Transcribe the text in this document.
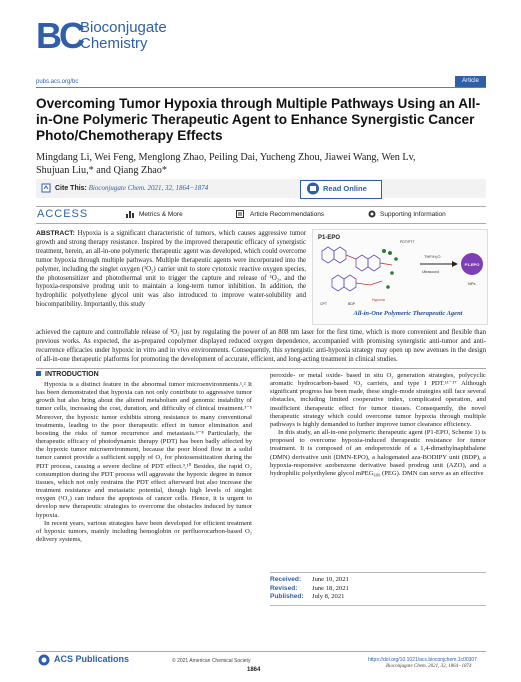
BC
Bioconjugate
Chemistry
pubs.acs.org/bc	Article
Overcoming Tumor Hypoxia through Multiple Pathways Using an All-in-One Polymeric Therapeutic Agent to Enhance Synergistic Cancer Photo/Chemotherapy Effects
Mingdang Li, Wei Feng, Menglong Zhao, Peiling Dai, Yucheng Zhou, Jiawei Wang, Wen Lv,
Shujuan Liu,* and Qiang Zhao*
Cite This: Bioconjugate Chem. 2021, 32, 1864−1874	Read Online
ACCESS	Metrics & More	Article Recommendations	Supporting Information
ABSTRACT: Hypoxia is a significant characteristic of tumors, which causes aggressive tumor growth and strong therapy resistance. Inspired by the improved therapeutic efficacy of synergistic treatment, herein, an all-in-one polymeric therapeutic agent was developed, which could overcome tumor hypoxia through multiple pathways. Multiple therapeutic agents were incorporated into the polymer, including the singlet oxygen (¹O₂) carrier unit to store cytotoxic reactive oxygen species, the photosensitizer and photothermal unit to trigger the capture and release of ¹O₂, and the hypoxia-responsive prodrug unit to maintain a long-term tumor inhibition. In addition, the hydrophilic polyethylene glycol unit was also introduced to improve water-solubility and biocompatibility. Importantly, this study
P1-EPO
Hypoxia
CPT	BDP
PDT/PTT
THF/H₂O
Ultrasound
P1-EPO
NPs
All-in-One Polymeric Therapeutic Agent
achieved the capture and controllable release of ¹O₂ just by regulating the power of an 808 nm laser for the first time, which is more convenient and flexible than previous works. As expected, the as-prepared copolymer displayed reduced oxygen dependence, accompanied with promising synergistic anti-tumor and anti-recurrence efficacies under hypoxic in vitro and in vivo environments. Consequently, this synergistic anti-hypoxia strategy may open up new avenues in the design of all-in-one therapeutic platforms for promoting the development of accurate, efficient, and long-acting treatment in clinical studies.
INTRODUCTION

Hypoxia is a distinct feature in the abnormal tumor microenvironments.¹,² It has been demonstrated that hypoxia can not only contribute to aggressive tumor growth but also bring about the altered metabolism and genomic instability of tumor cells, increasing the cost, duration, and difficulty of clinical treatment.³⁻⁵ Moreover, the hypoxic tumor exhibits strong resistance to many conventional treatments, leading to the poor therapeutic effect in tumor elimination and boosting the risks of tumor recurrence and metastasis.⁶⁻⁸ Particularly, the therapeutic efficacy of photodynamic therapy (PDT) has been badly affected by the hypoxic tumor microenvironment, because the poor blood flow in a solid tumor cannot provide a sufficient supply of O₂ for photosensitization during the PDT process, causing a severe decline of PDT effect.⁹,¹⁰ Besides, the rapid O₂ consumption during the PDT process will aggravate the hypoxic degree in tumor tissues, which not only restrains the PDT effect afterward but also increase the treatment resistance and metastatic potential, though high levels of singlet oxygen (¹O₂) can induce the apoptosis of cancer cells. Hence, it is urgent to develop new therapeutic strategies to overcome the obstacles induced by tumor hypoxia.

In recent years, various strategies have been developed for efficient treatment of hypoxic tumors, mainly including hemoglobin or perfluorocarbon-based O₂ delivery systems,

peroxide- or metal oxide- based in situ O₂ generation strategies, polycyclic aromatic hydrocarbon-based ¹O₂ carriers, and type I PDT.¹¹⁻¹⁷ Although significant progress has been made, these single-mode strategies still face several obstacles, including limited cooperative index, complicated operation, and insufficient therapeutic effect for tumor tissues. Consequently, the novel therapeutic strategy which could overcome tumor hypoxia through multiple pathways is highly demanded to further improve tumor clearance efficiency.

In this study, an all-in-one polymeric therapeutic agent (P1-EPO, Scheme 1) is proposed to overcome hypoxia-induced therapeutic resistance for tumor treatment. It is composed of an endoperoxide of a 1,4-dimethylnaphthalene (DMN) derivative unit (DMN-EPO), a halogenated aza-BODIPY unit (BDP), a hypoxia-responsive azobenzene derivative based prodrug unit (AZO), and a hydrophilic polyethylene glycol mPEG₆₀₀ (PEG). DMN can serve as an effective

Received: June 10, 2021
Revised: June 18, 2021
Published: July 8, 2021
ACS Publications	© 2021 American Chemical Society
1864
https://doi.org/10.1021/acs.bioconjchem.1c00307
Bioconjugate Chem. 2021, 32, 1864−1874
